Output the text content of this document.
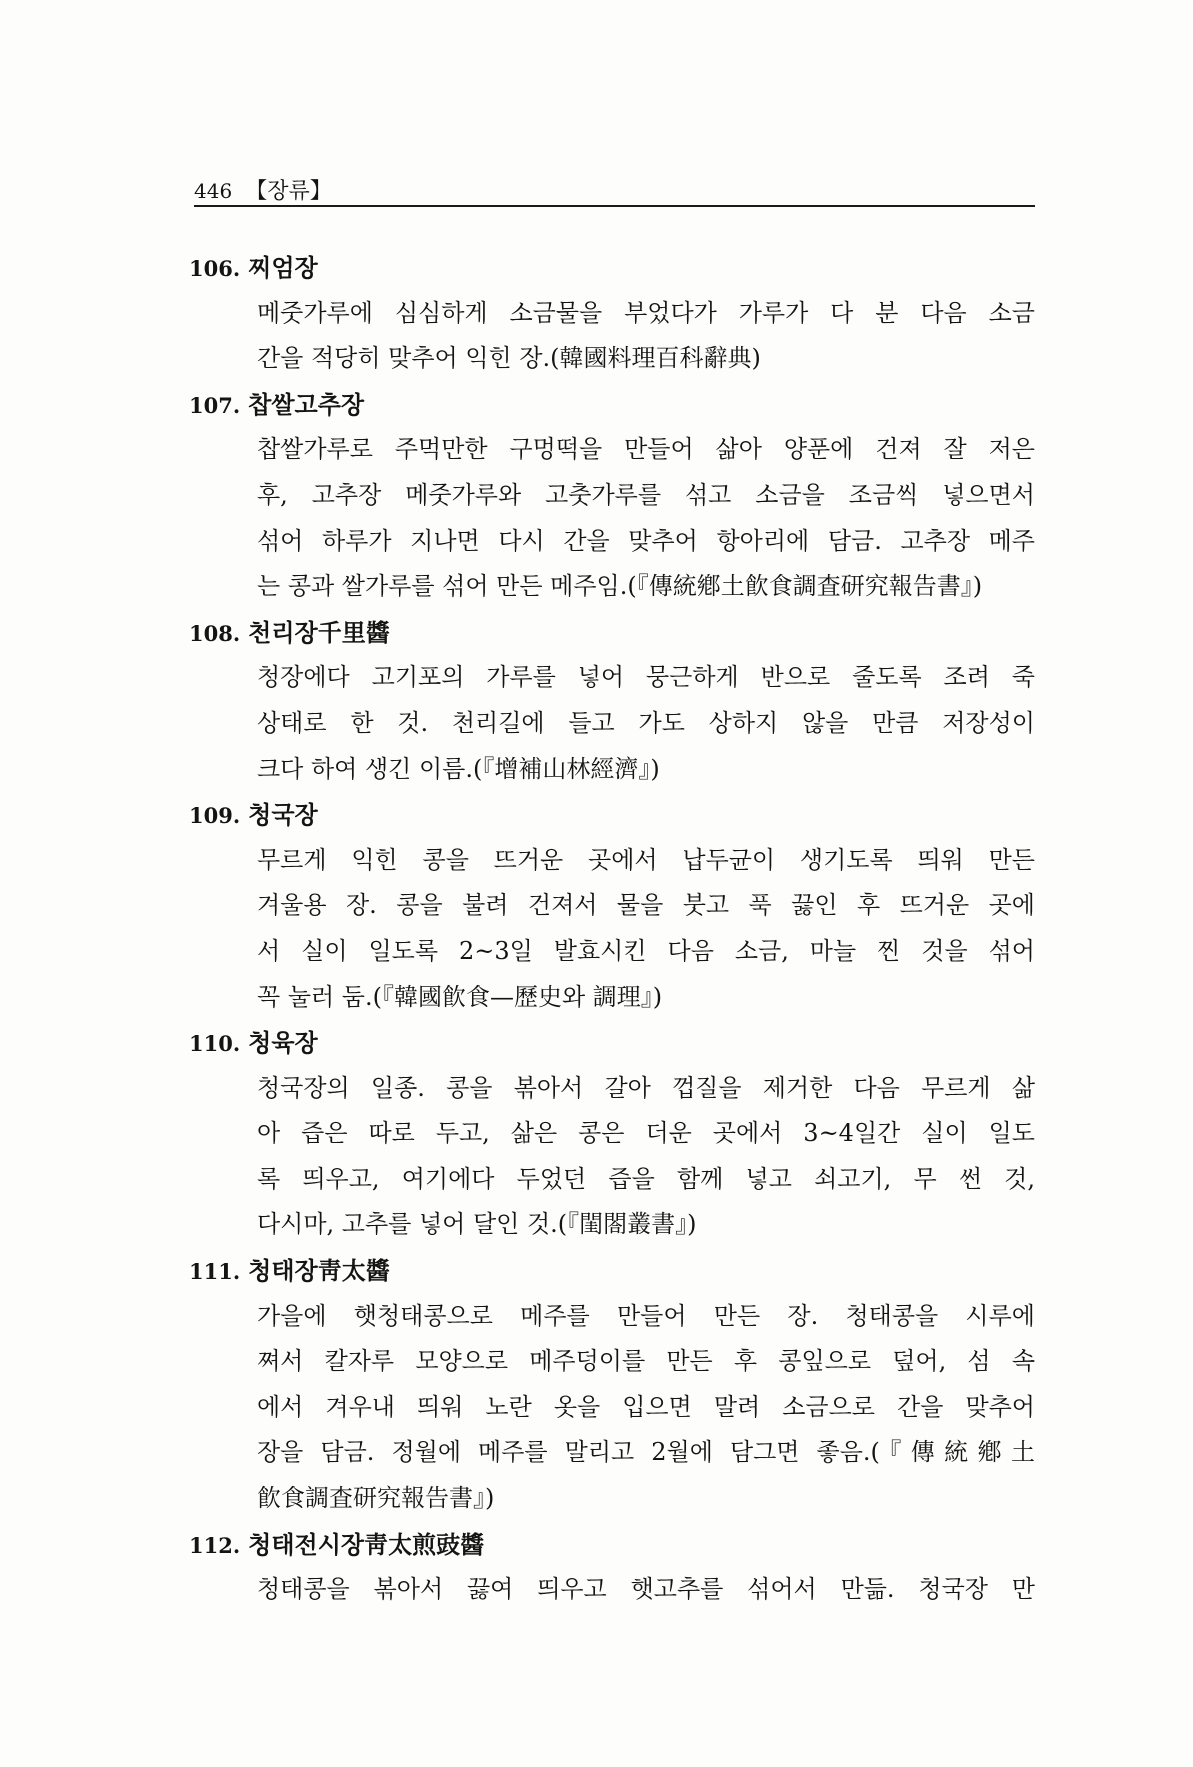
446 【장류】
106. 찌엄장
메줏가루에 심심하게 소금물을 부었다가 가루가 다 분 다음 소금
간을 적당히 맞추어 익힌 장.(韓國料理百科辭典)
107. 찹쌀고추장
찹쌀가루로 주먹만한 구멍떡을 만들어 삶아 양푼에 건져 잘 저은
후, 고추장 메줏가루와 고춧가루를 섞고 소금을 조금씩 넣으면서
섞어 하루가 지나면 다시 간을 맞추어 항아리에 담금. 고추장 메주
는 콩과 쌀가루를 섞어 만든 메주임.(『傳統鄕土飮食調査研究報告書』)
108. 천리장千里醬
청장에다 고기포의 가루를 넣어 뭉근하게 반으로 줄도록 조려 죽
상태로 한 것. 천리길에 들고 가도 상하지 않을 만큼 저장성이
크다 하여 생긴 이름.(『增補山林經濟』)
109. 청국장
무르게 익힌 콩을 뜨거운 곳에서 납두균이 생기도록 띄워 만든
겨울용 장. 콩을 불려 건져서 물을 붓고 푹 끓인 후 뜨거운 곳에
서 실이 일도록 2~3일 발효시킨 다음 소금, 마늘 찐 것을 섞어
꼭 눌러 둠.(『韓國飮食—歷史와 調理』)
110. 청육장
청국장의 일종. 콩을 볶아서 갈아 껍질을 제거한 다음 무르게 삶
아 즙은 따로 두고, 삶은 콩은 더운 곳에서 3~4일간 실이 일도
록 띄우고, 여기에다 두었던 즙을 함께 넣고 쇠고기, 무 썬 것,
다시마, 고추를 넣어 달인 것.(『閨閤叢書』)
111. 청태장靑太醬
가을에 햇청태콩으로 메주를 만들어 만든 장. 청태콩을 시루에
쪄서 칼자루 모양으로 메주덩이를 만든 후 콩잎으로 덮어, 섬 속
에서 겨우내 띄워 노란 옷을 입으면 말려 소금으로 간을 맞추어
장을 담금. 정월에 메주를 말리고 2월에 담그면 좋음.(『傳統鄕土
飮食調査研究報告書』)
112. 청태전시장靑太煎豉醬
청태콩을 볶아서 끓여 띄우고 햇고추를 섞어서 만듦. 청국장 만
